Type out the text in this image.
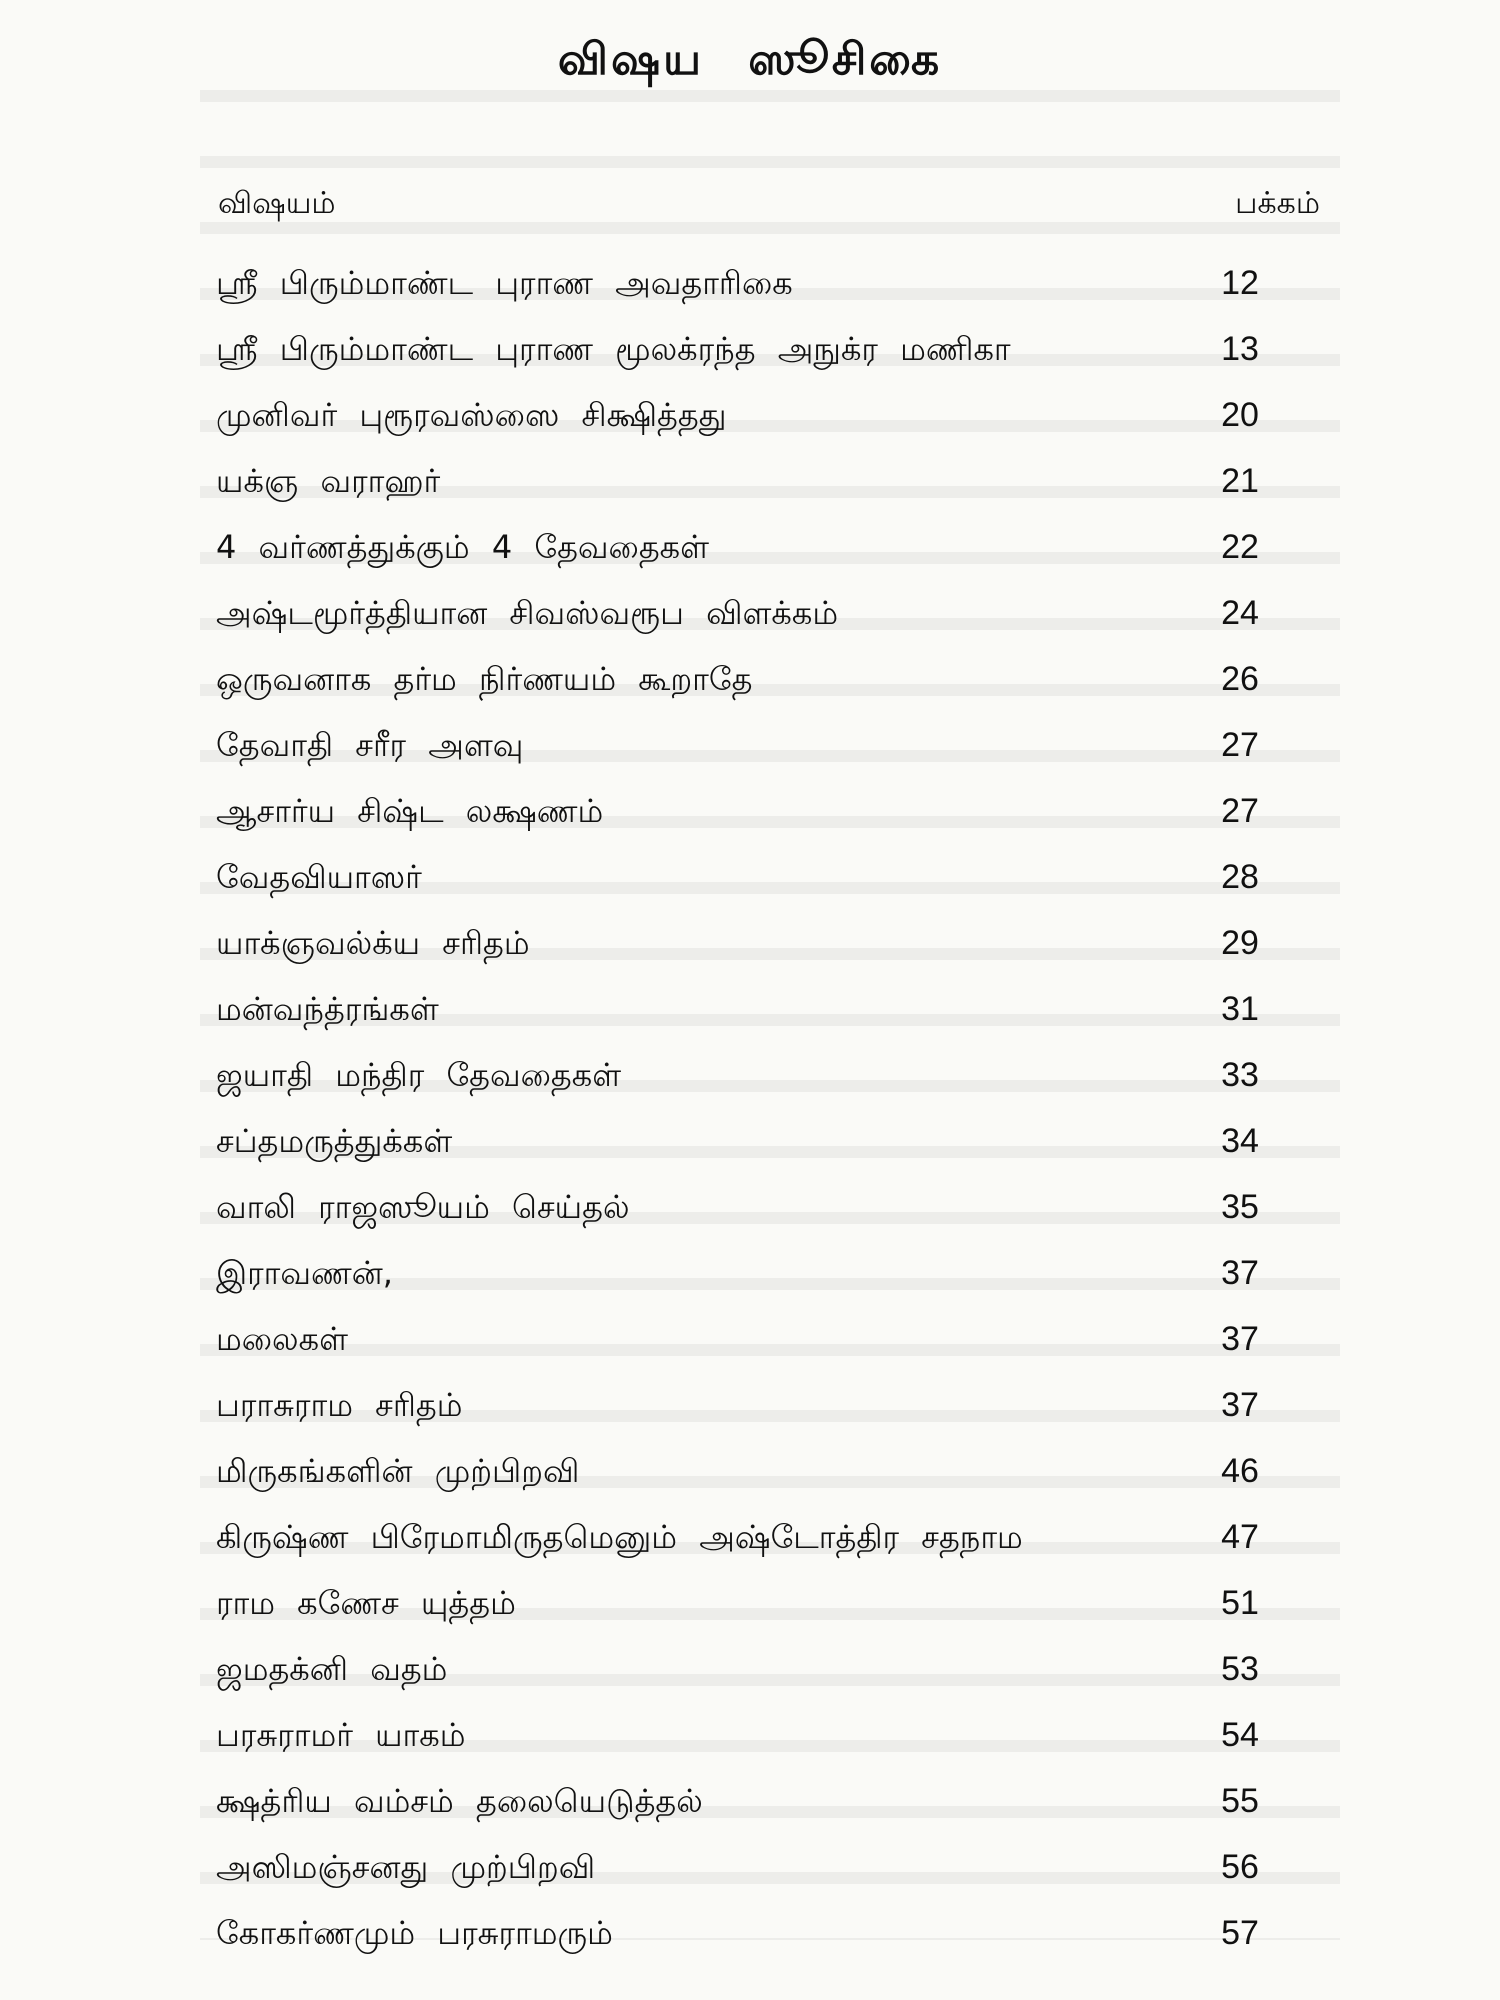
விஷய ஸூசிகை
விஷயம்	பக்கம்
ஸ்ரீ பிரும்மாண்ட புராண அவதாரிகை	12
ஸ்ரீ பிரும்மாண்ட புராண மூலக்ரந்த அநுக்ர மணிகா	13
முனிவர் புரூரவஸ்ஸை சிக்ஷித்தது	20
யக்ஞ வராஹர்	21
4 வர்ணத்துக்கும் 4 தேவதைகள்	22
அஷ்டமூர்த்தியான சிவஸ்வரூப விளக்கம்	24
ஒருவனாக தர்ம நிர்ணயம் கூறாதே	26
தேவாதி சரீர அளவு	27
ஆசார்ய சிஷ்ட லக்ஷணம்	27
வேதவியாஸர்	28
யாக்ஞவல்க்ய சரிதம்	29
மன்வந்த்ரங்கள்	31
ஜயாதி மந்திர தேவதைகள்	33
சப்தமருத்துக்கள்	34
வாலி ராஜஸூயம் செய்தல்	35
இராவணன்,	37
மலைகள்	37
பராசுராம சரிதம்	37
மிருகங்களின் முற்பிறவி	46
கிருஷ்ண பிரேமாமிருதமெனும் அஷ்டோத்திர சதநாம	47
ராம கணேச யுத்தம்	51
ஜமதக்னி வதம்	53
பரசுராமர் யாகம்	54
க்ஷத்ரிய வம்சம் தலையெடுத்தல்	55
அஸிமஞ்சனது முற்பிறவி	56
கோகர்ணமும் பரசுராமரும்	57
